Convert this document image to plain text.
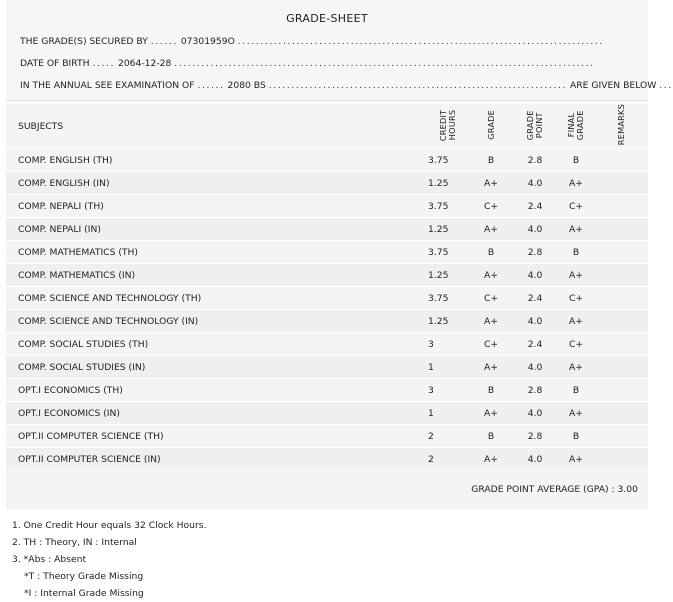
GRADE-SHEET
THE GRADE(S) SECURED BY ...... 07301959O .................................................................................
DATE OF BIRTH ..... 2064-12-28 .............................................................................................
IN THE ANNUAL SEE EXAMINATION OF ...... 2080 BS .................................................................. ARE GIVEN BELOW ...
SUBJECTS	CREDIT HOURS	GRADE	GRADE POINT	FINAL GRADE	REMARKS
COMP. ENGLISH (TH)	3.75	B	2.8	B	
COMP. ENGLISH (IN)	1.25	A+	4.0	A+	
COMP. NEPALI (TH)	3.75	C+	2.4	C+	
COMP. NEPALI (IN)	1.25	A+	4.0	A+	
COMP. MATHEMATICS (TH)	3.75	B	2.8	B	
COMP. MATHEMATICS (IN)	1.25	A+	4.0	A+	
COMP. SCIENCE AND TECHNOLOGY (TH)	3.75	C+	2.4	C+	
COMP. SCIENCE AND TECHNOLOGY (IN)	1.25	A+	4.0	A+	
COMP. SOCIAL STUDIES (TH)	3	C+	2.4	C+	
COMP. SOCIAL STUDIES (IN)	1	A+	4.0	A+	
OPT.I ECONOMICS (TH)	3	B	2.8	B	
OPT.I ECONOMICS (IN)	1	A+	4.0	A+	
OPT.II COMPUTER SCIENCE (TH)	2	B	2.8	B	
OPT.II COMPUTER SCIENCE (IN)	2	A+	4.0	A+	
GRADE POINT AVERAGE (GPA) : 3.00
1. One Credit Hour equals 32 Clock Hours.
2. TH : Theory, IN : Internal
3. *Abs : Absent
*T : Theory Grade Missing
*I : Internal Grade Missing
